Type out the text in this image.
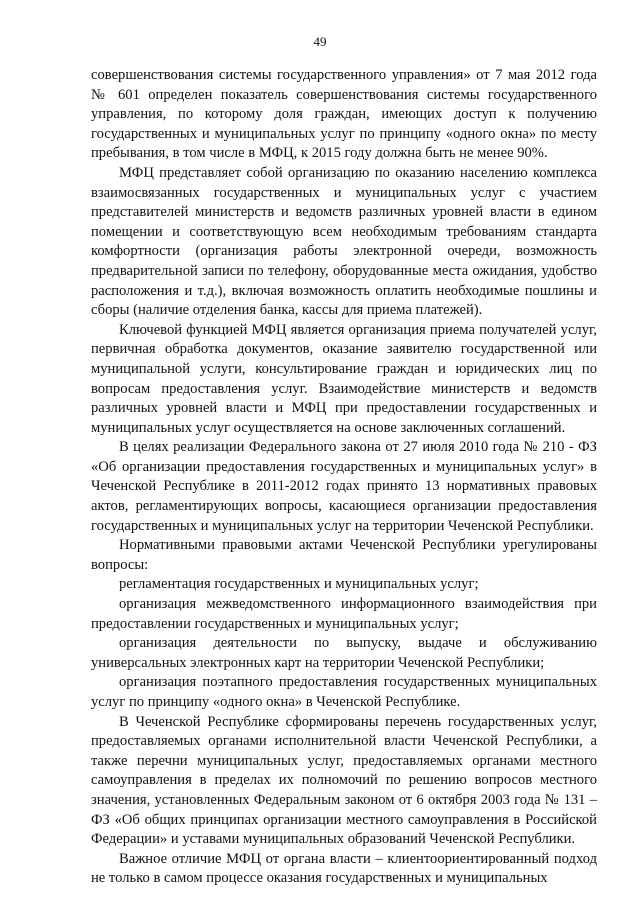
49

совершенствования системы государственного управления» от 7 мая 2012 года № 601 определен показатель совершенствования системы государственного управления, по которому доля граждан, имеющих доступ к получению государственных и муниципальных услуг по принципу «одного окна» по месту пребывания, в том числе в МФЦ, к 2015 году должна быть не менее 90%.

МФЦ представляет собой организацию по оказанию населению комплекса взаимосвязанных государственных и муниципальных услуг с участием представителей министерств и ведомств различных уровней власти в едином помещении и соответствующую всем необходимым требованиям стандарта комфортности (организация работы электронной очереди, возможность предварительной записи по телефону, оборудованные места ожидания, удобство расположения и т.д.), включая возможность оплатить необходимые пошлины и сборы (наличие отделения банка, кассы для приема платежей).

Ключевой функцией МФЦ является организация приема получателей услуг, первичная обработка документов, оказание заявителю государственной или муниципальной услуги, консультирование граждан и юридических лиц по вопросам предоставления услуг. Взаимодействие министерств и ведомств различных уровней власти и МФЦ при предоставлении государственных и муниципальных услуг осуществляется на основе заключенных соглашений.

В целях реализации Федерального закона от 27 июля 2010 года № 210 - ФЗ «Об организации предоставления государственных и муниципальных услуг» в Чеченской Республике в 2011-2012 годах принято 13 нормативных правовых актов, регламентирующих вопросы, касающиеся организации предоставления государственных и муниципальных услуг на территории Чеченской Республики.

Нормативными правовыми актами Чеченской Республики урегулированы вопросы:

регламентация государственных и муниципальных услуг;

организация межведомственного информационного взаимодействия при предоставлении государственных и муниципальных услуг;

организация деятельности по выпуску, выдаче и обслуживанию универсальных электронных карт на территории Чеченской Республики;

организация поэтапного предоставления государственных муниципальных услуг по принципу «одного окна» в Чеченской Республике.

В Чеченской Республике сформированы перечень государственных услуг, предоставляемых органами исполнительной власти Чеченской Республики, а также перечни муниципальных услуг, предоставляемых органами местного самоуправления в пределах их полномочий по решению вопросов местного значения, установленных Федеральным законом от 6 октября 2003 года № 131 – ФЗ «Об общих принципах организации местного самоуправления в Российской Федерации» и уставами муниципальных образований Чеченской Республики.

Важное отличие МФЦ от органа власти – клиентоориентированный подход не только в самом процессе оказания государственных и муниципальных
